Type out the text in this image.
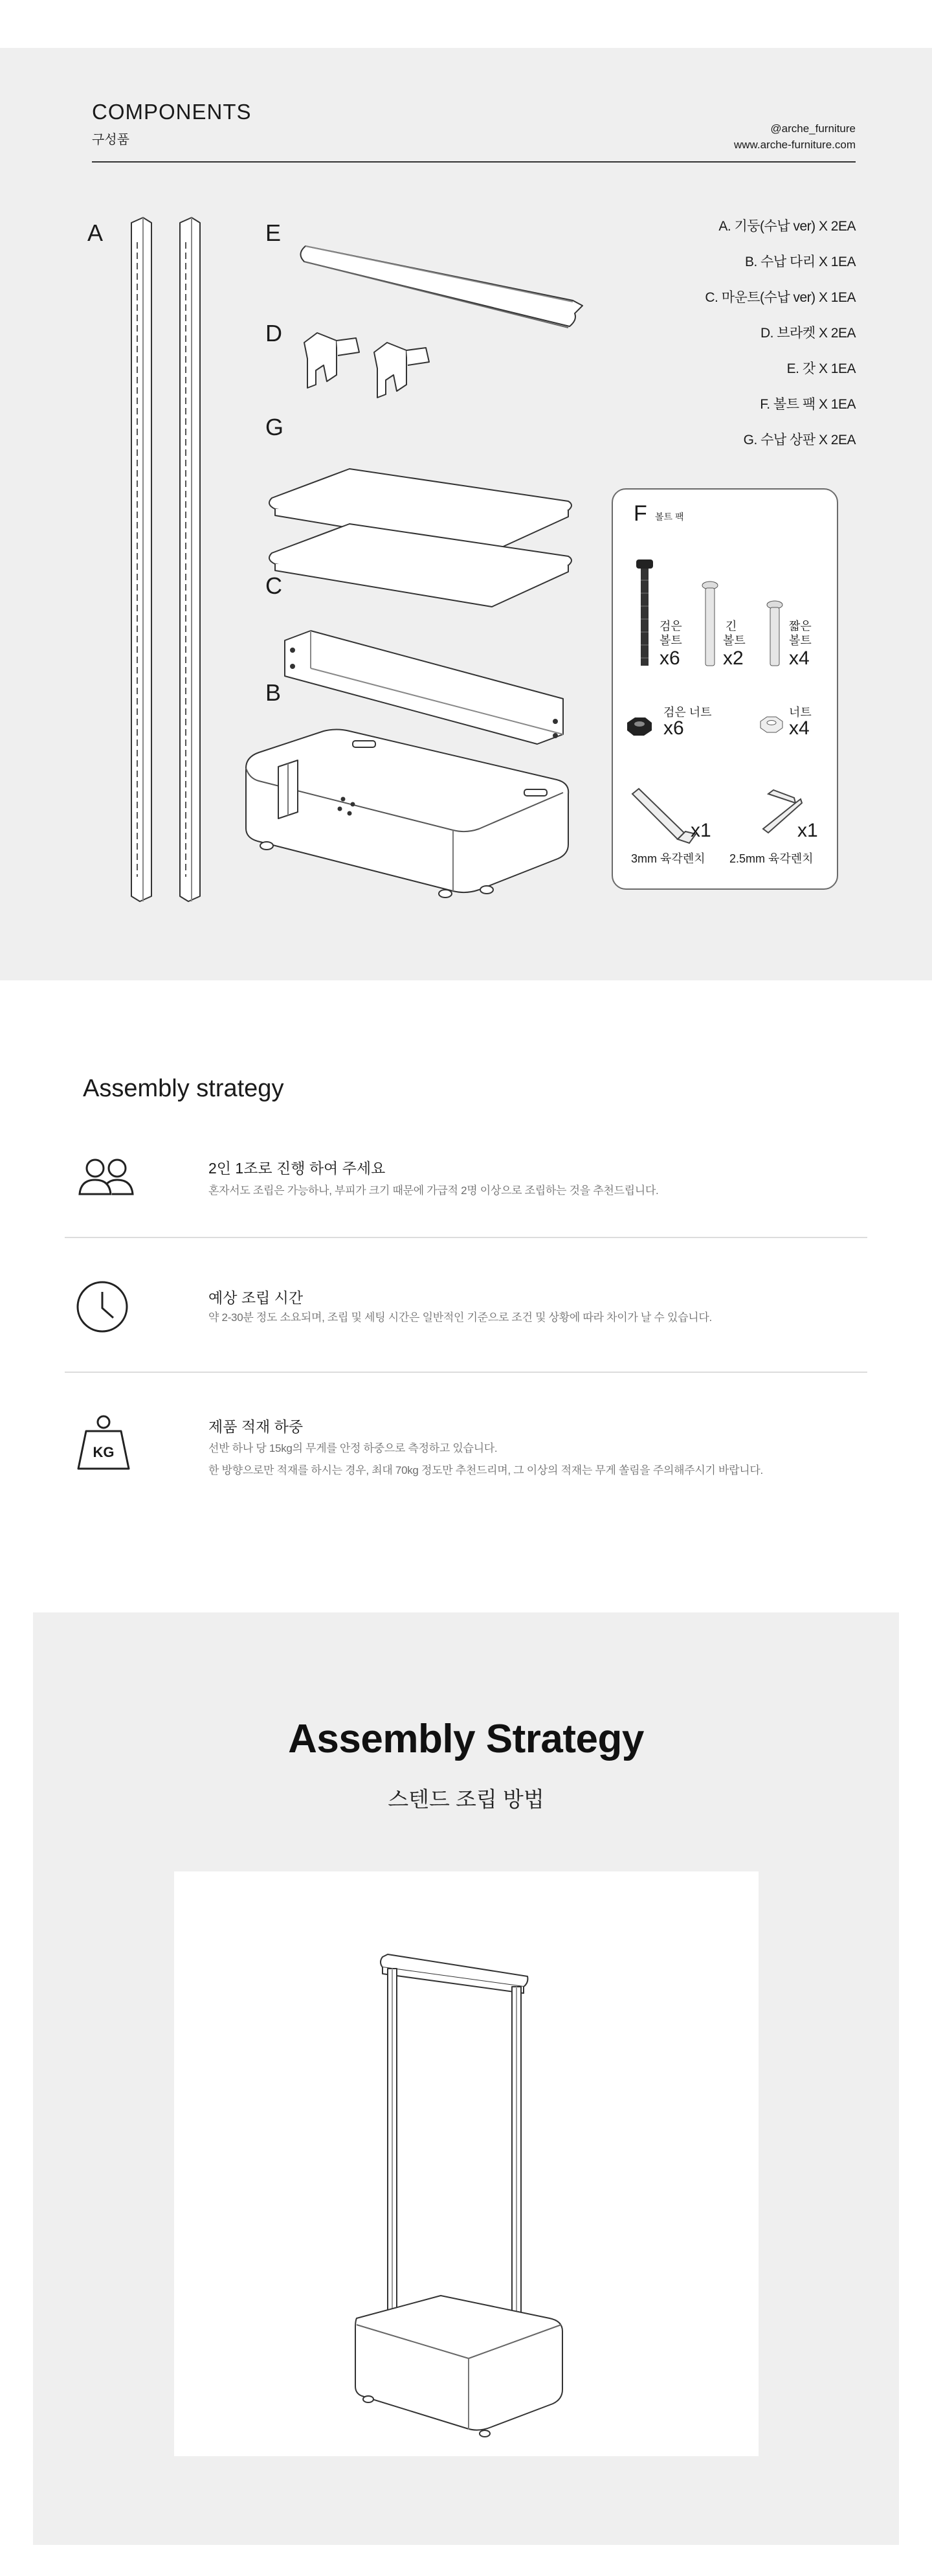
COMPONENTS
구성품
@arche_furniture
www.arche-furniture.com
A	E
D
G
C
B
A. 기둥(수납 ver) X 2EA
B. 수납 다리 X 1EA
C. 마운트(수납 ver) X 1EA
D. 브라켓 X 2EA
E. 갓 X 1EA
F. 볼트 팩 X 1EA
G. 수납 상판 X 2EA
F 볼트 팩
검은
볼트
x6
긴
볼트
x2
짧은
볼트
x4
검은 너트
x6
너트
x4
x1
3mm 육각렌치
x1
2.5mm 육각렌치
Assembly strategy
2인 1조로 진행 하여 주세요
혼자서도 조립은 가능하나, 부피가 크기 때문에 가급적 2명 이상으로 조립하는 것을 추천드립니다.
예상 조립 시간
약 2-30분 정도 소요되며, 조립 및 세팅 시간은 일반적인 기준으로 조건 및 상황에 따라 차이가 날 수 있습니다.
KG
제품 적재 하중
선반 하나 당 15kg의 무게를 안정 하중으로 측정하고 있습니다.
한 방향으로만 적재를 하시는 경우, 최대 70kg 정도만 추천드리며, 그 이상의 적재는 무게 쏠림을 주의해주시기 바랍니다.
Assembly Strategy
스텐드 조립 방법
